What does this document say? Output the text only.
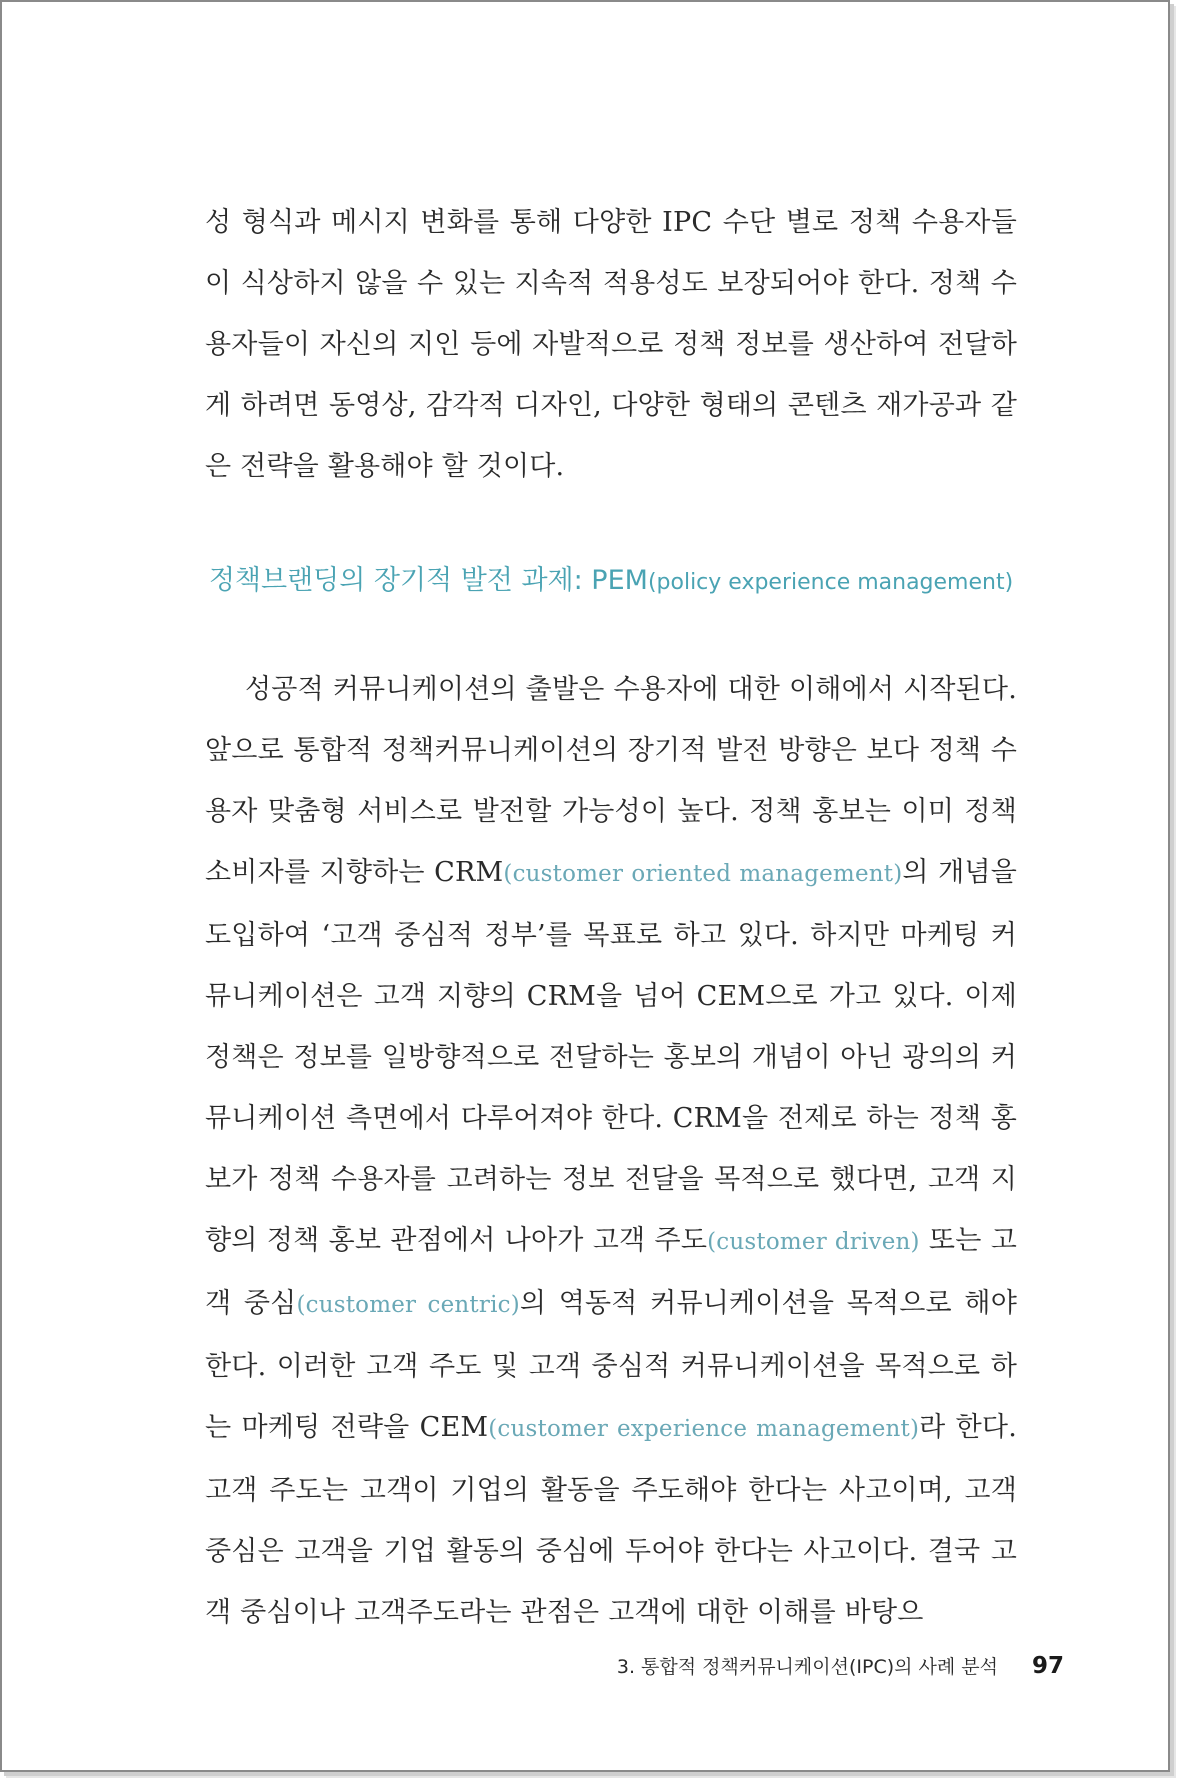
성 형식과 메시지 변화를 통해 다양한 IPC 수단 별로 정책 수용자들이 식상하지 않을 수 있는 지속적 적용성도 보장되어야 한다. 정책 수용자들이 자신의 지인 등에 자발적으로 정책 정보를 생산하여 전달하게 하려면 동영상, 감각적 디자인, 다양한 형태의 콘텐츠 재가공과 같은 전략을 활용해야 할 것이다.

정책브랜딩의 장기적 발전 과제: PEM(policy experience management)

성공적 커뮤니케이션의 출발은 수용자에 대한 이해에서 시작된다. 앞으로 통합적 정책커뮤니케이션의 장기적 발전 방향은 보다 정책 수용자 맞춤형 서비스로 발전할 가능성이 높다. 정책 홍보는 이미 정책 소비자를 지향하는 CRM(customer oriented management)의 개념을 도입하여 ‘고객 중심적 정부’를 목표로 하고 있다. 하지만 마케팅 커뮤니케이션은 고객 지향의 CRM을 넘어 CEM으로 가고 있다. 이제 정책은 정보를 일방향적으로 전달하는 홍보의 개념이 아닌 광의의 커뮤니케이션 측면에서 다루어져야 한다. CRM을 전제로 하는 정책 홍보가 정책 수용자를 고려하는 정보 전달을 목적으로 했다면, 고객 지향의 정책 홍보 관점에서 나아가 고객 주도(customer driven) 또는 고객 중심(customer centric)의 역동적 커뮤니케이션을 목적으로 해야 한다. 이러한 고객 주도 및 고객 중심적 커뮤니케이션을 목적으로 하는 마케팅 전략을 CEM(customer experience management)라 한다. 고객 주도는 고객이 기업의 활동을 주도해야 한다는 사고이며, 고객 중심은 고객을 기업 활동의 중심에 두어야 한다는 사고이다. 결국 고객 중심이나 고객주도라는 관점은 고객에 대한 이해를 바탕으

3. 통합적 정책커뮤니케이션(IPC)의 사례 분석 97
